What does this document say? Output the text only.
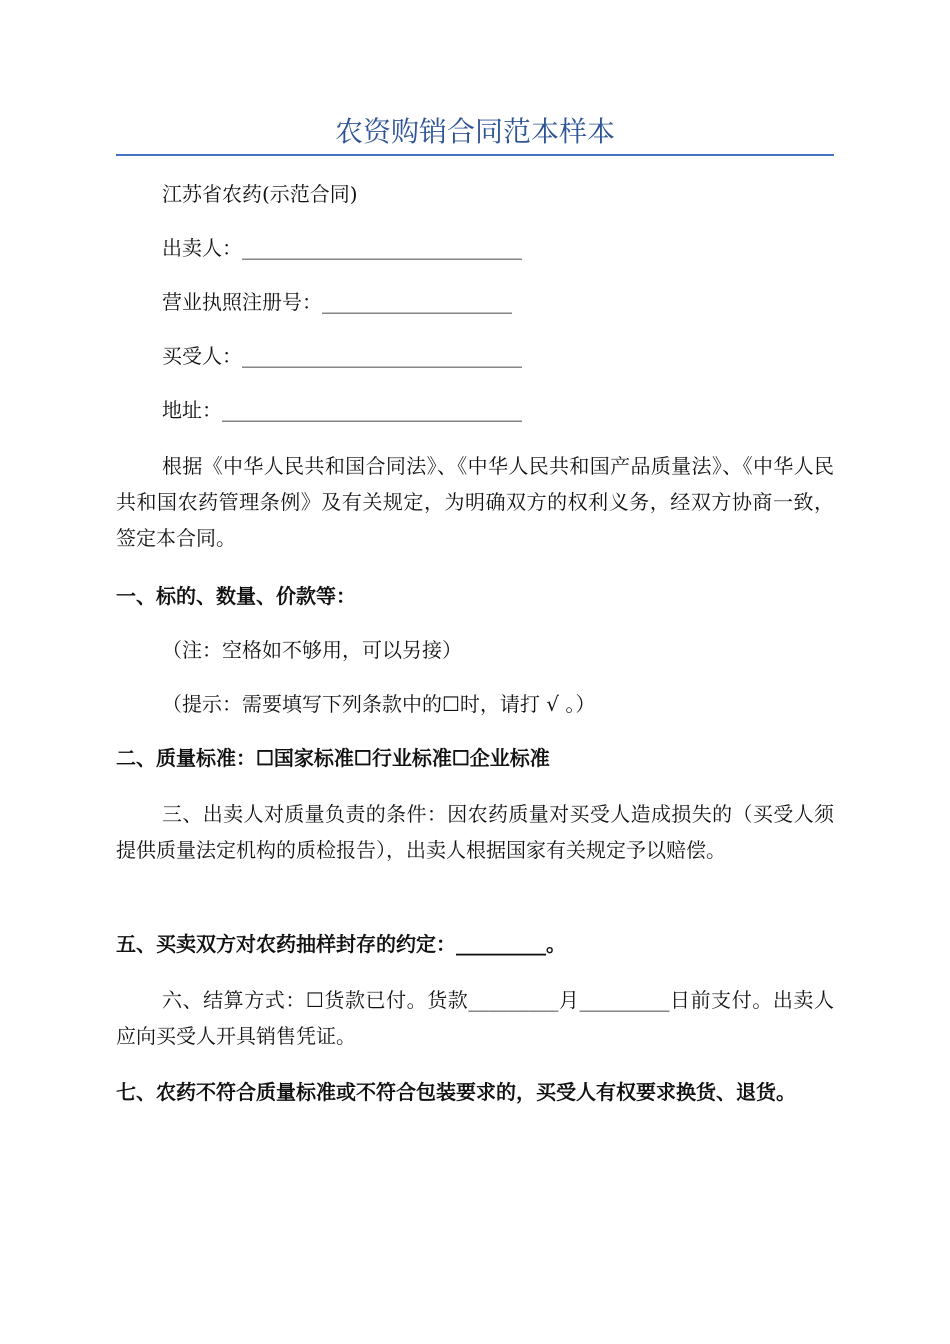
农资购销合同范本样本

江苏省农药(示范合同)

出卖人：____________________________

营业执照注册号：___________________

买受人：____________________________

地址：______________________________

根据《中华人民共和国合同法》、《中华人民共和国产品质量法》、《中华人民共和国农药管理条例》及有关规定，为明确双方的权利义务，经双方协商一致，签定本合同。

一、标的、数量、价款等：

（注：空格如不够用，可以另接）

（提示：需要填写下列条款中的☐时，请打 √ 。）

二、质量标准：☐国家标准☐行业标准☐企业标准

三、出卖人对质量负责的条件：因农药质量对买受人造成损失的（买受人须提供质量法定机构的质检报告），出卖人根据国家有关规定予以赔偿。

五、买卖双方对农药抽样封存的约定：_________。

六、结算方式：☐货款已付。货款_________月_________日前支付。出卖人应向买受人开具销售凭证。

七、农药不符合质量标准或不符合包装要求的，买受人有权要求换货、退货。
